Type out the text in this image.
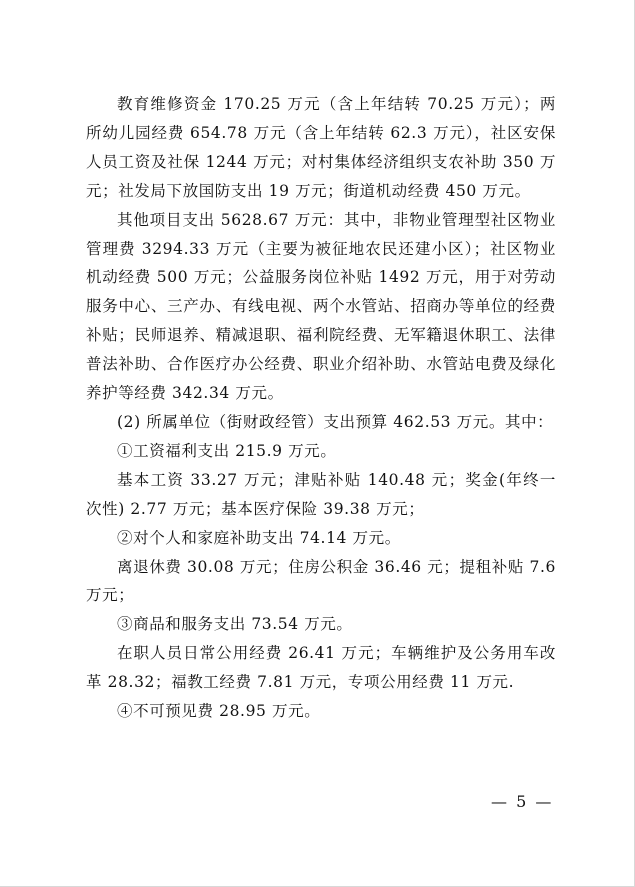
教育维修资金 170.25 万元（含上年结转 70.25 万元）；两所幼儿园经费 654.78 万元（含上年结转 62.3 万元），社区安保人员工资及社保 1244 万元；对村集体经济组织支农补助 350 万元；社发局下放国防支出 19 万元；街道机动经费 450 万元。

其他项目支出 5628.67 万元：其中，非物业管理型社区物业管理费 3294.33 万元（主要为被征地农民还建小区）；社区物业机动经费 500 万元；公益服务岗位补贴 1492 万元，用于对劳动服务中心、三产办、有线电视、两个水管站、招商办等单位的经费补贴；民师退养、精减退职、福利院经费、无军籍退休职工、法律普法补助、合作医疗办公经费、职业介绍补助、水管站电费及绿化养护等经费 342.34 万元。

(2) 所属单位（街财政经管）支出预算 462.53 万元。其中：

①工资福利支出 215.9 万元。

基本工资 33.27 万元；津贴补贴 140.48 元；奖金(年终一次性) 2.77 万元；基本医疗保险 39.38 万元；

②对个人和家庭补助支出 74.14 万元。

离退休费 30.08 万元；住房公积金 36.46 元；提租补贴 7.6 万元；

③商品和服务支出 73.54 万元。

在职人员日常公用经费 26.41 万元；车辆维护及公务用车改革 28.32；福教工经费 7.81 万元，专项公用经费 11 万元.

④不可预见费 28.95 万元。

— 5 —
